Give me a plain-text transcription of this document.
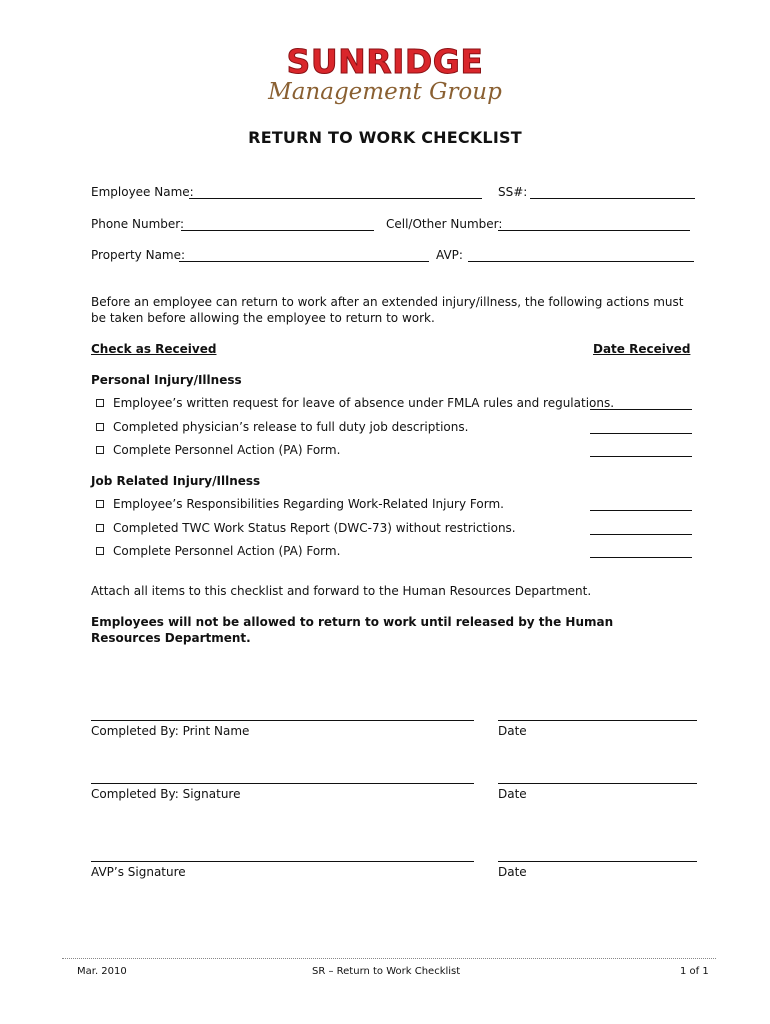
SUNRIDGE
Management Group
RETURN TO WORK CHECKLIST
Employee Name:	SS#:
Phone Number:	Cell/Other Number:
Property Name:	AVP:
Before an employee can return to work after an extended injury/illness, the following actions must be taken before allowing the employee to return to work.
Check as Received	Date Received
Personal Injury/Illness
Employee’s written request for leave of absence under FMLA rules and regulations.
Completed physician’s release to full duty job descriptions.
Complete Personnel Action (PA) Form.
Job Related Injury/Illness
Employee’s Responsibilities Regarding Work-Related Injury Form.
Completed TWC Work Status Report (DWC-73) without restrictions.
Complete Personnel Action (PA) Form.
Attach all items to this checklist and forward to the Human Resources Department.
Employees will not be allowed to return to work until released by the Human Resources Department.
Completed By: Print Name	Date
Completed By: Signature	Date
AVP’s Signature	Date
Mar. 2010	SR – Return to Work Checklist	1 of 1
